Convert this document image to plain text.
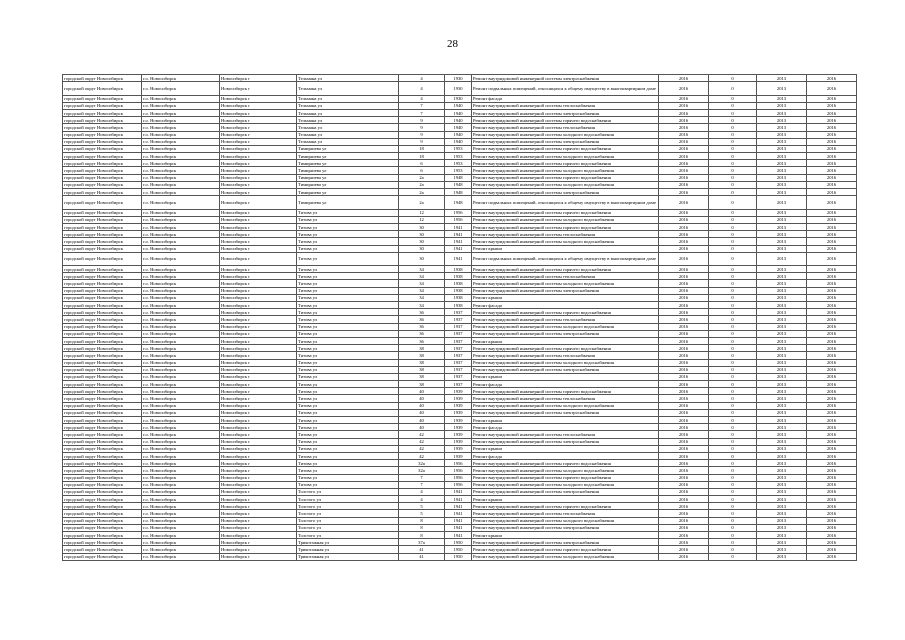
28
городской округ Новосибирск	г.о. Новосибирск	Новосибирск г	Тельмана ул	4	1930	Ремонт внутридомовой инженерной системы электроснабжения	2016	0	2013	2016
городской округ Новосибирск	г.о. Новосибирск	Новосибирск г	Тельмана ул	4	1930	Ремонт подвальных помещений, относящихся к общему имуществу в многоквартирном доме	2016	0	2013	2016
городской округ Новосибирск	г.о. Новосибирск	Новосибирск г	Тельмана ул	4	1930	Ремонт фасада	2016	0	2013	2016
городской округ Новосибирск	г.о. Новосибирск	Новосибирск г	Тельмана ул	7	1940	Ремонт внутридомовой инженерной системы теплоснабжения	2016	0	2013	2016
городской округ Новосибирск	г.о. Новосибирск	Новосибирск г	Тельмана ул	7	1940	Ремонт внутридомовой инженерной системы электроснабжения	2016	0	2013	2016
городской округ Новосибирск	г.о. Новосибирск	Новосибирск г	Тельмана ул	9	1940	Ремонт внутридомовой инженерной системы горячего водоснабжения	2016	0	2013	2016
городской округ Новосибирск	г.о. Новосибирск	Новосибирск г	Тельмана ул	9	1940	Ремонт внутридомовой инженерной системы теплоснабжения	2016	0	2013	2016
городской округ Новосибирск	г.о. Новосибирск	Новосибирск г	Тельмана ул	9	1940	Ремонт внутридомовой инженерной системы холодного водоснабжения	2016	0	2013	2016
городской округ Новосибирск	г.о. Новосибирск	Новосибирск г	Тельмана ул	9	1940	Ремонт внутридомовой инженерной системы электроснабжения	2016	0	2013	2016
городской округ Новосибирск	г.о. Новосибирск	Новосибирск г	Тимирязева ул	18	1953	Ремонт внутридомовой инженерной системы горячего водоснабжения	2016	0	2013	2016
городской округ Новосибирск	г.о. Новосибирск	Новосибирск г	Тимирязева ул	18	1953	Ремонт внутридомовой инженерной системы холодного водоснабжения	2016	0	2013	2016
городской округ Новосибирск	г.о. Новосибирск	Новосибирск г	Тимирязева ул	6	1953	Ремонт внутридомовой инженерной системы горячего водоснабжения	2016	0	2013	2016
городской округ Новосибирск	г.о. Новосибирск	Новосибирск г	Тимирязева ул	6	1953	Ремонт внутридомовой инженерной системы холодного водоснабжения	2016	0	2013	2016
городской округ Новосибирск	г.о. Новосибирск	Новосибирск г	Тимирязева ул	2а	1948	Ремонт внутридомовой инженерной системы горячего водоснабжения	2016	0	2013	2016
городской округ Новосибирск	г.о. Новосибирск	Новосибирск г	Тимирязева ул	2а	1948	Ремонт внутридомовой инженерной системы холодного водоснабжения	2016	0	2013	2016
городской округ Новосибирск	г.о. Новосибирск	Новосибирск г	Тимирязева ул	2а	1948	Ремонт внутридомовой инженерной системы электроснабжения	2016	0	2013	2016
городской округ Новосибирск	г.о. Новосибирск	Новосибирск г	Тимирязева ул	2а	1948	Ремонт подвальных помещений, относящихся к общему имуществу в многоквартирном доме	2016	0	2013	2016
городской округ Новосибирск	г.о. Новосибирск	Новосибирск г	Титова ул	12	1956	Ремонт внутридомовой инженерной системы горячего водоснабжения	2016	0	2013	2016
городской округ Новосибирск	г.о. Новосибирск	Новосибирск г	Титова ул	12	1956	Ремонт внутридомовой инженерной системы холодного водоснабжения	2016	0	2013	2016
городской округ Новосибирск	г.о. Новосибирск	Новосибирск г	Титова ул	30	1941	Ремонт внутридомовой инженерной системы горячего водоснабжения	2016	0	2013	2016
городской округ Новосибирск	г.о. Новосибирск	Новосибирск г	Титова ул	30	1941	Ремонт внутридомовой инженерной системы теплоснабжения	2016	0	2013	2016
городской округ Новосибирск	г.о. Новосибирск	Новосибирск г	Титова ул	30	1941	Ремонт внутридомовой инженерной системы холодного водоснабжения	2016	0	2013	2016
городской округ Новосибирск	г.о. Новосибирск	Новосибирск г	Титова ул	30	1941	Ремонт крыши	2016	0	2013	2016
городской округ Новосибирск	г.о. Новосибирск	Новосибирск г	Титова ул	30	1941	Ремонт подвальных помещений, относящихся к общему имуществу в многоквартирном доме	2016	0	2013	2016
городской округ Новосибирск	г.о. Новосибирск	Новосибирск г	Титова ул	34	1938	Ремонт внутридомовой инженерной системы горячего водоснабжения	2016	0	2013	2016
городской округ Новосибирск	г.о. Новосибирск	Новосибирск г	Титова ул	34	1938	Ремонт внутридомовой инженерной системы теплоснабжения	2016	0	2013	2016
городской округ Новосибирск	г.о. Новосибирск	Новосибирск г	Титова ул	34	1938	Ремонт внутридомовой инженерной системы холодного водоснабжения	2016	0	2013	2016
городской округ Новосибирск	г.о. Новосибирск	Новосибирск г	Титова ул	34	1938	Ремонт внутридомовой инженерной системы электроснабжения	2016	0	2013	2016
городской округ Новосибирск	г.о. Новосибирск	Новосибирск г	Титова ул	34	1938	Ремонт крыши	2016	0	2013	2016
городской округ Новосибирск	г.о. Новосибирск	Новосибирск г	Титова ул	34	1938	Ремонт фасада	2016	0	2013	2016
городской округ Новосибирск	г.о. Новосибирск	Новосибирск г	Титова ул	36	1937	Ремонт внутридомовой инженерной системы горячего водоснабжения	2016	0	2013	2016
городской округ Новосибирск	г.о. Новосибирск	Новосибирск г	Титова ул	36	1937	Ремонт внутридомовой инженерной системы теплоснабжения	2016	0	2013	2016
городской округ Новосибирск	г.о. Новосибирск	Новосибирск г	Титова ул	36	1937	Ремонт внутридомовой инженерной системы холодного водоснабжения	2016	0	2013	2016
городской округ Новосибирск	г.о. Новосибирск	Новосибирск г	Титова ул	36	1937	Ремонт внутридомовой инженерной системы электроснабжения	2016	0	2013	2016
городской округ Новосибирск	г.о. Новосибирск	Новосибирск г	Титова ул	36	1937	Ремонт крыши	2016	0	2013	2016
городской округ Новосибирск	г.о. Новосибирск	Новосибирск г	Титова ул	38	1937	Ремонт внутридомовой инженерной системы горячего водоснабжения	2016	0	2013	2016
городской округ Новосибирск	г.о. Новосибирск	Новосибирск г	Титова ул	38	1937	Ремонт внутридомовой инженерной системы теплоснабжения	2016	0	2013	2016
городской округ Новосибирск	г.о. Новосибирск	Новосибирск г	Титова ул	38	1937	Ремонт внутридомовой инженерной системы холодного водоснабжения	2016	0	2013	2016
городской округ Новосибирск	г.о. Новосибирск	Новосибирск г	Титова ул	38	1937	Ремонт внутридомовой инженерной системы электроснабжения	2016	0	2013	2016
городской округ Новосибирск	г.о. Новосибирск	Новосибирск г	Титова ул	38	1937	Ремонт крыши	2016	0	2013	2016
городской округ Новосибирск	г.о. Новосибирск	Новосибирск г	Титова ул	38	1937	Ремонт фасада	2016	0	2013	2016
городской округ Новосибирск	г.о. Новосибирск	Новосибирск г	Титова ул	40	1939	Ремонт внутридомовой инженерной системы горячего водоснабжения	2016	0	2013	2016
городской округ Новосибирск	г.о. Новосибирск	Новосибирск г	Титова ул	40	1939	Ремонт внутридомовой инженерной системы теплоснабжения	2016	0	2013	2016
городской округ Новосибирск	г.о. Новосибирск	Новосибирск г	Титова ул	40	1939	Ремонт внутридомовой инженерной системы холодного водоснабжения	2016	0	2013	2016
городской округ Новосибирск	г.о. Новосибирск	Новосибирск г	Титова ул	40	1939	Ремонт внутридомовой инженерной системы электроснабжения	2016	0	2013	2016
городской округ Новосибирск	г.о. Новосибирск	Новосибирск г	Титова ул	40	1939	Ремонт крыши	2016	0	2013	2016
городской округ Новосибирск	г.о. Новосибирск	Новосибирск г	Титова ул	40	1939	Ремонт фасада	2016	0	2013	2016
городской округ Новосибирск	г.о. Новосибирск	Новосибирск г	Титова ул	42	1939	Ремонт внутридомовой инженерной системы теплоснабжения	2016	0	2013	2016
городской округ Новосибирск	г.о. Новосибирск	Новосибирск г	Титова ул	42	1939	Ремонт внутридомовой инженерной системы электроснабжения	2016	0	2013	2016
городской округ Новосибирск	г.о. Новосибирск	Новосибирск г	Титова ул	42	1939	Ремонт крыши	2016	0	2013	2016
городской округ Новосибирск	г.о. Новосибирск	Новосибирск г	Титова ул	42	1939	Ремонт фасада	2016	0	2013	2016
городской округ Новосибирск	г.о. Новосибирск	Новосибирск г	Титова ул	32а	1956	Ремонт внутридомовой инженерной системы горячего водоснабжения	2016	0	2013	2016
городской округ Новосибирск	г.о. Новосибирск	Новосибирск г	Титова ул	32а	1956	Ремонт внутридомовой инженерной системы холодного водоснабжения	2016	0	2013	2016
городской округ Новосибирск	г.о. Новосибирск	Новосибирск г	Титова ул	7	1956	Ремонт внутридомовой инженерной системы горячего водоснабжения	2016	0	2013	2016
городской округ Новосибирск	г.о. Новосибирск	Новосибирск г	Титова ул	7	1956	Ремонт внутридомовой инженерной системы холодного водоснабжения	2016	0	2013	2016
городской округ Новосибирск	г.о. Новосибирск	Новосибирск г	Толстого ул	4	1941	Ремонт внутридомовой инженерной системы электроснабжения	2016	0	2013	2016
городской округ Новосибирск	г.о. Новосибирск	Новосибирск г	Толстого ул	4	1941	Ремонт крыши	2016	0	2013	2016
городской округ Новосибирск	г.о. Новосибирск	Новосибирск г	Толстого ул	5	1941	Ремонт внутридомовой инженерной системы горячего водоснабжения	2016	0	2013	2016
городской округ Новосибирск	г.о. Новосибирск	Новосибирск г	Толстого ул	5	1941	Ремонт внутридомовой инженерной системы теплоснабжения	2016	0	2013	2016
городской округ Новосибирск	г.о. Новосибирск	Новосибирск г	Толстого ул	8	1941	Ремонт внутридомовой инженерной системы холодного водоснабжения	2016	0	2013	2016
городской округ Новосибирск	г.о. Новосибирск	Новосибирск г	Толстого ул	8	1941	Ремонт внутридомовой инженерной системы электроснабжения	2016	0	2013	2016
городской округ Новосибирск	г.о. Новосибирск	Новосибирск г	Толстого ул	8	1941	Ремонт крыши	2016	0	2013	2016
городской округ Новосибирск	г.о. Новосибирск	Новосибирск г	Трикотажная ул	37а	1950	Ремонт внутридомовой инженерной системы электроснабжения	2016	0	2013	2016
городской округ Новосибирск	г.о. Новосибирск	Новосибирск г	Трикотажная ул	41	1950	Ремонт внутридомовой инженерной системы горячего водоснабжения	2016	0	2013	2016
городской округ Новосибирск	г.о. Новосибирск	Новосибирск г	Трикотажная ул	41	1950	Ремонт внутридомовой инженерной системы холодного водоснабжения	2016	0	2013	2016
